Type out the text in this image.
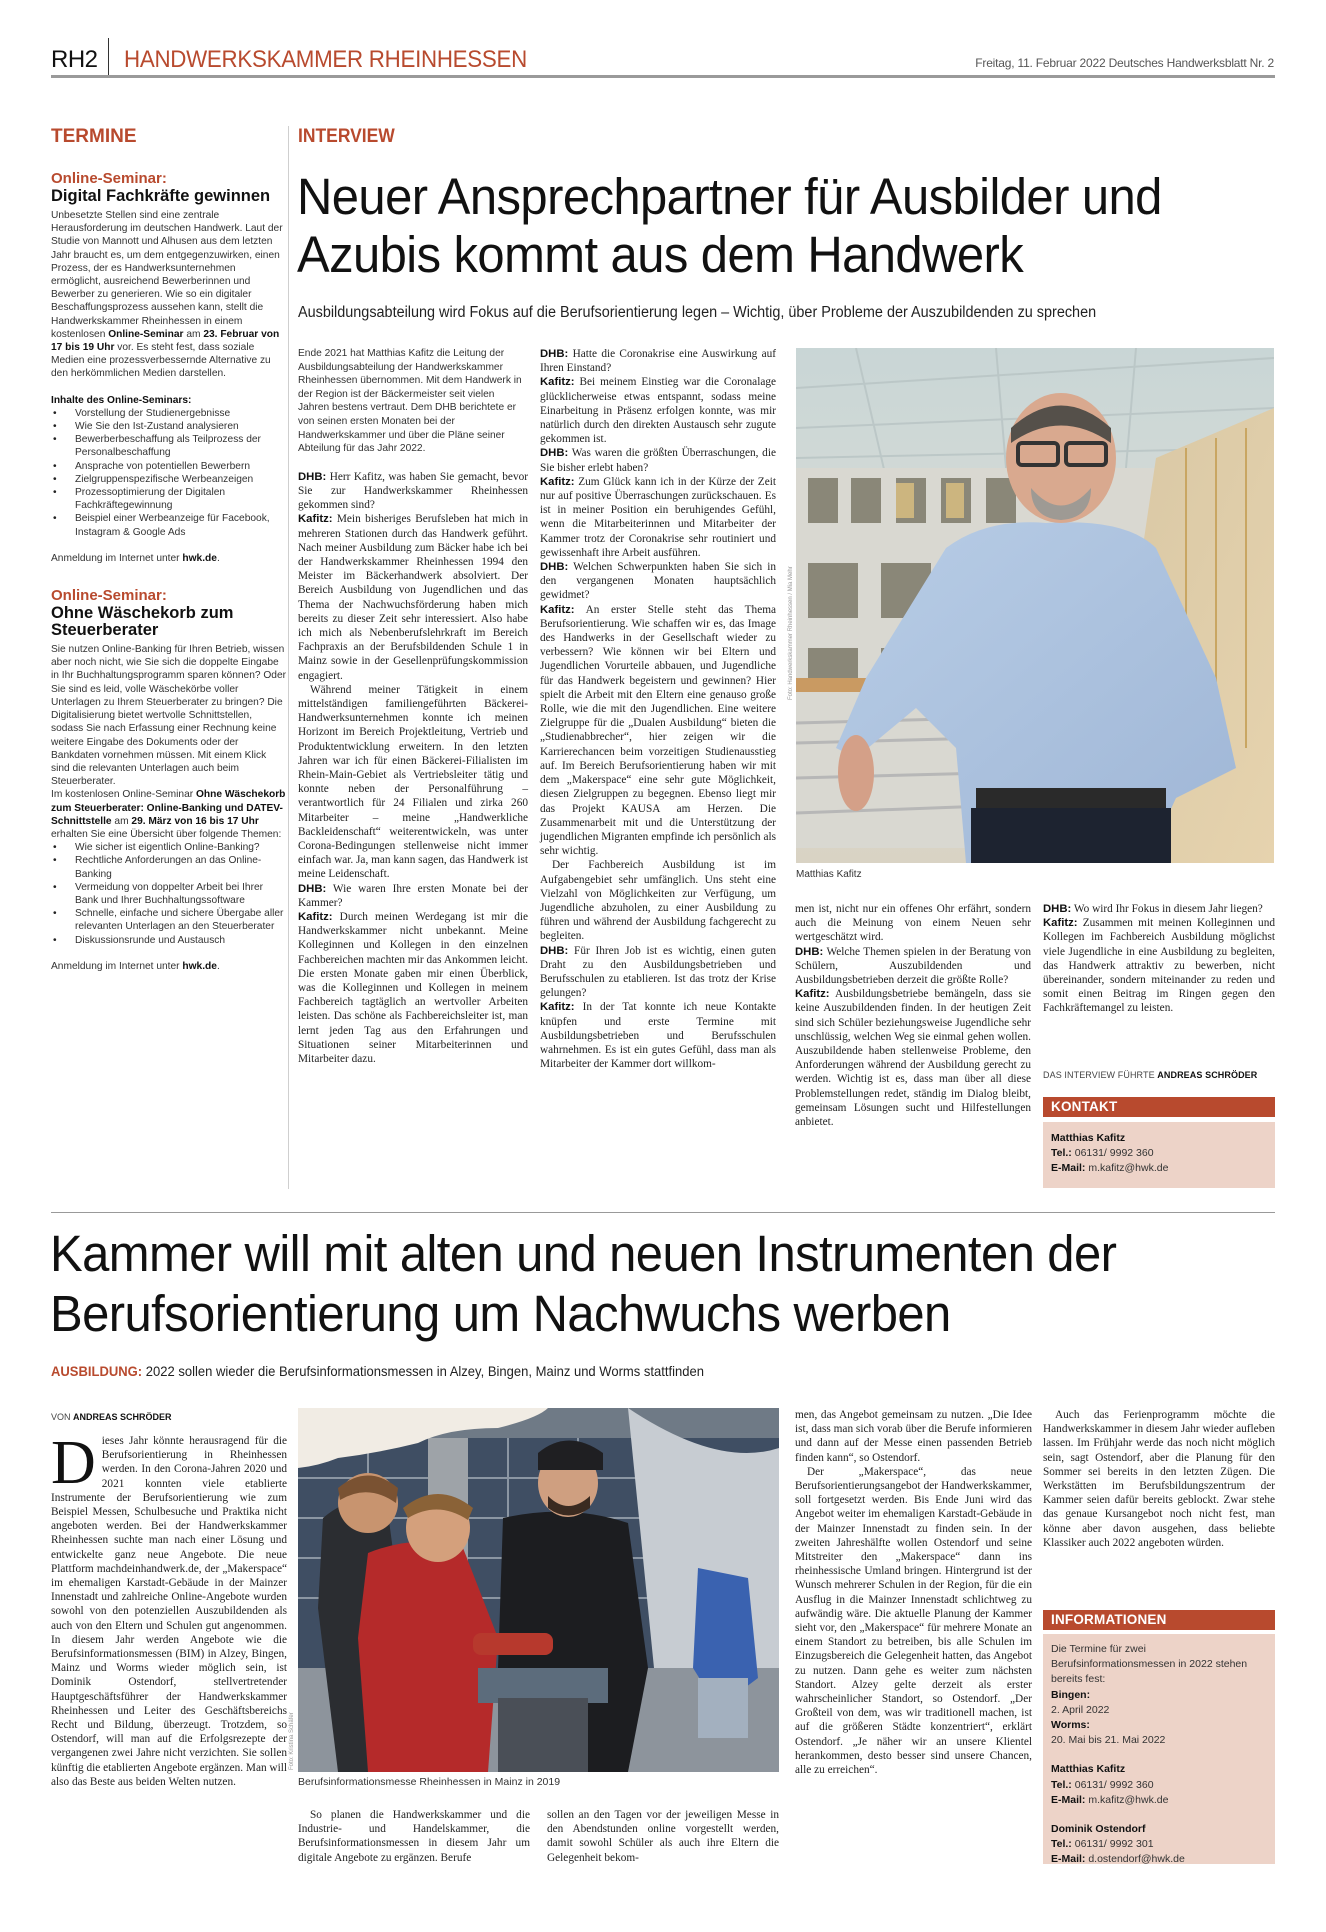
RH2 HANDWERKSKAMMER RHEINHESSEN	Freitag, 11. Februar 2022 Deutsches Handwerksblatt Nr. 2
TERMINE
Online-Seminar:
Digital Fachkräfte gewinnen
Unbesetzte Stellen sind eine zentrale Herausforderung im deutschen Handwerk. Laut der Studie von Mannott und Alhusen aus dem letzten Jahr braucht es, um dem entgegenzuwirken, einen Prozess, der es Handwerksunternehmen ermöglicht, ausreichend Bewerberinnen und Bewerber zu generieren. Wie so ein digitaler Beschaffungsprozess aussehen kann, stellt die Handwerkskammer Rheinhessen in einem kostenlosen Online-Seminar am 23. Februar von 17 bis 19 Uhr vor. Es steht fest, dass soziale Medien eine prozessverbessernde Alternative zu den herkömmlichen Medien darstellen.
Inhalte des Online-Seminars:
• Vorstellung der Studienergebnisse
• Wie Sie den Ist-Zustand analysieren
• Bewerberbeschaffung als Teilprozess der Personalbeschaffung
• Ansprache von potentiellen Bewerbern
• Zielgruppenspezifische Werbeanzeigen
• Prozessoptimierung der Digitalen Fachkräftegewinnung
• Beispiel einer Werbeanzeige für Facebook, Instagram & Google Ads
Anmeldung im Internet unter hwk.de.
Online-Seminar:
Ohne Wäschekorb zum Steuerberater
Sie nutzen Online-Banking für Ihren Betrieb, wissen aber noch nicht, wie Sie sich die doppelte Eingabe in Ihr Buchhaltungsprogramm sparen können? Oder Sie sind es leid, volle Wäschekörbe voller Unterlagen zu Ihrem Steuerberater zu bringen? Die Digitalisierung bietet wertvolle Schnittstellen, sodass Sie nach Erfassung einer Rechnung keine weitere Eingabe des Dokuments oder der Bankdaten vornehmen müssen. Mit einem Klick sind die relevanten Unterlagen auch beim Steuerberater.
Im kostenlosen Online-Seminar Ohne Wäschekorb zum Steuerberater: Online-Banking und DATEV-Schnittstelle am 29. März von 16 bis 17 Uhr erhalten Sie eine Übersicht über folgende Themen:
• Wie sicher ist eigentlich Online-Banking?
• Rechtliche Anforderungen an das Online-Banking
• Vermeidung von doppelter Arbeit bei Ihrer Bank und Ihrer Buchhaltungssoftware
• Schnelle, einfache und sichere Übergabe aller relevanten Unterlagen an den Steuerberater
• Diskussionsrunde und Austausch
Anmeldung im Internet unter hwk.de.
INTERVIEW
Neuer Ansprechpartner für Ausbilder und Azubis kommt aus dem Handwerk
Ausbildungsabteilung wird Fokus auf die Berufsorientierung legen – Wichtig, über Probleme der Auszubildenden zu sprechen

Ende 2021 hat Matthias Kafitz die Leitung der Ausbildungsabteilung der Handwerkskammer Rheinhessen übernommen. Mit dem Handwerk in der Region ist der Bäckermeister seit vielen Jahren bestens vertraut. Dem DHB berichtete er von seinen ersten Monaten bei der Handwerkskammer und über die Pläne seiner Abteilung für das Jahr 2022.

DHB: Herr Kafitz, was haben Sie gemacht, bevor Sie zur Handwerkskammer Rheinhessen gekommen sind?

Kafitz: Mein bisheriges Berufsleben hat mich in mehreren Stationen durch das Handwerk geführt. Nach meiner Ausbildung zum Bäcker habe ich bei der Handwerkskammer Rheinhessen 1994 den Meister im Bäckerhandwerk absolviert. Der Bereich Ausbildung von Jugendlichen und das Thema der Nachwuchsförderung haben mich bereits zu dieser Zeit sehr interessiert. Also habe ich mich als Nebenberufslehrkraft im Bereich Fachpraxis an der Berufsbildenden Schule 1 in Mainz sowie in der Gesellenprüfungskommission engagiert.

Während meiner Tätigkeit in einem mittelständigen familiengeführten Bäckerei-Handwerksunternehmen konnte ich meinen Horizont im Bereich Projektleitung, Vertrieb und Produktentwicklung erweitern. In den letzten Jahren war ich für einen Bäckerei-Filialisten im Rhein-Main-Gebiet als Vertriebsleiter tätig und konnte neben der Personalführung – verantwortlich für 24 Filialen und zirka 260 Mitarbeiter – meine „Handwerkliche Backleidenschaft“ weiterentwickeln, was unter Corona-Bedingungen stellenweise nicht immer einfach war. Ja, man kann sagen, das Handwerk ist meine Leidenschaft.

DHB: Wie waren Ihre ersten Monate bei der Kammer?

Kafitz: Durch meinen Werdegang ist mir die Handwerkskammer nicht unbekannt. Meine Kolleginnen und Kollegen in den einzelnen Fachbereichen machten mir das Ankommen leicht. Die ersten Monate gaben mir einen Überblick, was die Kolleginnen und Kollegen in meinem Fachbereich tagtäglich an wertvoller Arbeiten leisten. Das schöne als Fachbereichsleiter ist, man lernt jeden Tag aus den Erfahrungen und Situationen seiner Mitarbeiterinnen und Mitarbeiter dazu.

DHB: Hatte die Coronakrise eine Auswirkung auf Ihren Einstand?

Kafitz: Bei meinem Einstieg war die Coronalage glücklicherweise etwas entspannt, sodass meine Einarbeitung in Präsenz erfolgen konnte, was mir natürlich durch den direkten Austausch sehr zugute gekommen ist.

DHB: Was waren die größten Überraschungen, die Sie bisher erlebt haben?

Kafitz: Zum Glück kann ich in der Kürze der Zeit nur auf positive Überraschungen zurückschauen. Es ist in meiner Position ein beruhigendes Gefühl, wenn die Mitarbeiterinnen und Mitarbeiter der Kammer trotz der Coronakrise sehr routiniert und gewissenhaft ihre Arbeit ausführen.

DHB: Welchen Schwerpunkten haben Sie sich in den vergangenen Monaten hauptsächlich gewidmet?

Kafitz: An erster Stelle steht das Thema Berufsorientierung. Wie schaffen wir es, das Image des Handwerks in der Gesellschaft wieder zu verbessern? Wie können wir bei Eltern und Jugendlichen Vorurteile abbauen, und Jugendliche für das Handwerk begeistern und gewinnen? Hier spielt die Arbeit mit den Eltern eine genauso große Rolle, wie die mit den Jugendlichen. Eine weitere Zielgruppe für die „Dualen Ausbildung“ bieten die „Studienabbrecher“, hier zeigen wir die Karrierechancen beim vorzeitigen Studienausstieg auf. Im Bereich Berufsorientierung haben wir mit dem „Makerspace“ eine sehr gute Möglichkeit, diesen Zielgruppen zu begegnen. Ebenso liegt mir das Projekt KAUSA am Herzen. Die Zusammenarbeit mit und die Unterstützung der jugendlichen Migranten empfinde ich persönlich als sehr wichtig.

Der Fachbereich Ausbildung ist im Aufgabengebiet sehr umfänglich. Uns steht eine Vielzahl von Möglichkeiten zur Verfügung, um Jugendliche abzuholen, zu einer Ausbildung zu führen und während der Ausbildung fachgerecht zu begleiten.

DHB: Für Ihren Job ist es wichtig, einen guten Draht zu den Ausbildungsbetrieben und Berufsschulen zu etablieren. Ist das trotz der Krise gelungen?

Kafitz: In der Tat konnte ich neue Kontakte knüpfen und erste Termine mit Ausbildungsbetrieben und Berufsschulen wahrnehmen. Es ist ein gutes Gefühl, dass man als Mitarbeiter der Kammer dort willkom-

Foto: Handwerkskammer Rheinhessen / Mia Mehr
Matthias Kafitz

men ist, nicht nur ein offenes Ohr erfährt, sondern auch die Meinung von einem Neuen sehr wertgeschätzt wird.

DHB: Welche Themen spielen in der Beratung von Schülern, Auszubildenden und Ausbildungsbetrieben derzeit die größte Rolle?

Kafitz: Ausbildungsbetriebe bemängeln, dass sie keine Auszubildenden finden. In der heutigen Zeit sind sich Schüler beziehungsweise Jugendliche sehr unschlüssig, welchen Weg sie einmal gehen wollen. Auszubildende haben stellenweise Probleme, den Anforderungen während der Ausbildung gerecht zu werden. Wichtig ist es, dass man über all diese Problemstellungen redet, ständig im Dialog bleibt, gemeinsam Lösungen sucht und Hilfestellungen anbietet.

DHB: Wo wird Ihr Fokus in diesem Jahr liegen?

Kafitz: Zusammen mit meinen Kolleginnen und Kollegen im Fachbereich Ausbildung möglichst viele Jugendliche in eine Ausbildung zu begleiten, das Handwerk attraktiv zu bewerben, nicht übereinander, sondern miteinander zu reden und somit einen Beitrag im Ringen gegen den Fachkräftemangel zu leisten.

DAS INTERVIEW FÜHRTE ANDREAS SCHRÖDER
KONTAKT
Matthias Kafitz
Tel.: 06131/ 9992 360
E-Mail: m.kafitz@hwk.de
Kammer will mit alten und neuen Instrumenten der Berufsorientierung um Nachwuchs werben
AUSBILDUNG: 2022 sollen wieder die Berufsinformationsmessen in Alzey, Bingen, Mainz und Worms stattfinden
VON ANDREAS SCHRÖDER
D ieses Jahr könnte herausragend für die Berufsorientierung in Rheinhessen werden. In den Corona-Jahren 2020 und 2021 konnten viele etablierte Instrumente der Berufsorientierung wie zum Beispiel Messen, Schulbesuche und Praktika nicht angeboten werden. Bei der Handwerkskammer Rheinhessen suchte man nach einer Lösung und entwickelte ganz neue Angebote. Die neue Plattform machdeinhandwerk.de, der „Makerspace“ im ehemaligen Karstadt-Gebäude in der Mainzer Innenstadt und zahlreiche Online-Angebote wurden sowohl von den potenziellen Auszubildenden als auch von den Eltern und Schulen gut angenommen. In diesem Jahr werden Angebote wie die Berufsinformationsmessen (BIM) in Alzey, Bingen, Mainz und Worms wieder möglich sein, ist Dominik Ostendorf, stellvertretender Hauptgeschäftsführer der Handwerkskammer Rheinhessen und Leiter des Geschäftsbereichs Recht und Bildung, überzeugt. Trotzdem, so Ostendorf, will man auf die Erfolgsrezepte der vergangenen zwei Jahre nicht verzichten. Sie sollen künftig die etablierten Angebote ergänzen. Man will also das Beste aus beiden Welten nutzen.

Foto: Kristina Schäfer
Berufsinformationsmesse Rheinhessen in Mainz in 2019

So planen die Handwerkskammer und die Industrie- und Handelskammer, die Berufsinformationsmessen in diesem Jahr um digitale Angebote zu ergänzen. Berufe

sollen an den Tagen vor der jeweiligen Messe in den Abendstunden online vorgestellt werden, damit sowohl Schüler als auch ihre Eltern die Gelegenheit bekom-

men, das Angebot gemeinsam zu nutzen. „Die Idee ist, dass man sich vorab über die Berufe informieren und dann auf der Messe einen passenden Betrieb finden kann“, so Ostendorf.

Der „Makerspace“, das neue Berufsorientierungsangebot der Handwerkskammer, soll fortgesetzt werden. Bis Ende Juni wird das Angebot weiter im ehemaligen Karstadt-Gebäude in der Mainzer Innenstadt zu finden sein. In der zweiten Jahreshälfte wollen Ostendorf und seine Mitstreiter den „Makerspace“ dann ins rheinhessische Umland bringen. Hintergrund ist der Wunsch mehrerer Schulen in der Region, für die ein Ausflug in die Mainzer Innenstadt schlichtweg zu aufwändig wäre. Die aktuelle Planung der Kammer sieht vor, den „Makerspace“ für mehrere Monate an einem Standort zu betreiben, bis alle Schulen im Einzugsbereich die Gelegenheit hatten, das Angebot zu nutzen. Dann gehe es weiter zum nächsten Standort. Alzey gelte derzeit als erster wahrscheinlicher Standort, so Ostendorf. „Der Großteil von dem, was wir traditionell machen, ist auf die größeren Städte konzentriert“, erklärt Ostendorf. „Je näher wir an unsere Klientel herankommen, desto besser sind unsere Chancen, alle zu erreichen“.

Auch das Ferienprogramm möchte die Handwerkskammer in diesem Jahr wieder aufleben lassen. Im Frühjahr werde das noch nicht möglich sein, sagt Ostendorf, aber die Planung für den Sommer sei bereits in den letzten Zügen. Die Werkstätten im Berufsbildungszentrum der Kammer seien dafür bereits geblockt. Zwar stehe das genaue Kursangebot noch nicht fest, man könne aber davon ausgehen, dass beliebte Klassiker auch 2022 angeboten würden.

INFORMATIONEN
Die Termine für zwei Berufsinformationsmessen in 2022 stehen bereits fest:
Bingen:
2. April 2022
Worms:
20. Mai bis 21. Mai 2022
Matthias Kafitz
Tel.: 06131/ 9992 360
E-Mail: m.kafitz@hwk.de
Dominik Ostendorf
Tel.: 06131/ 9992 301
E-Mail: d.ostendorf@hwk.de
